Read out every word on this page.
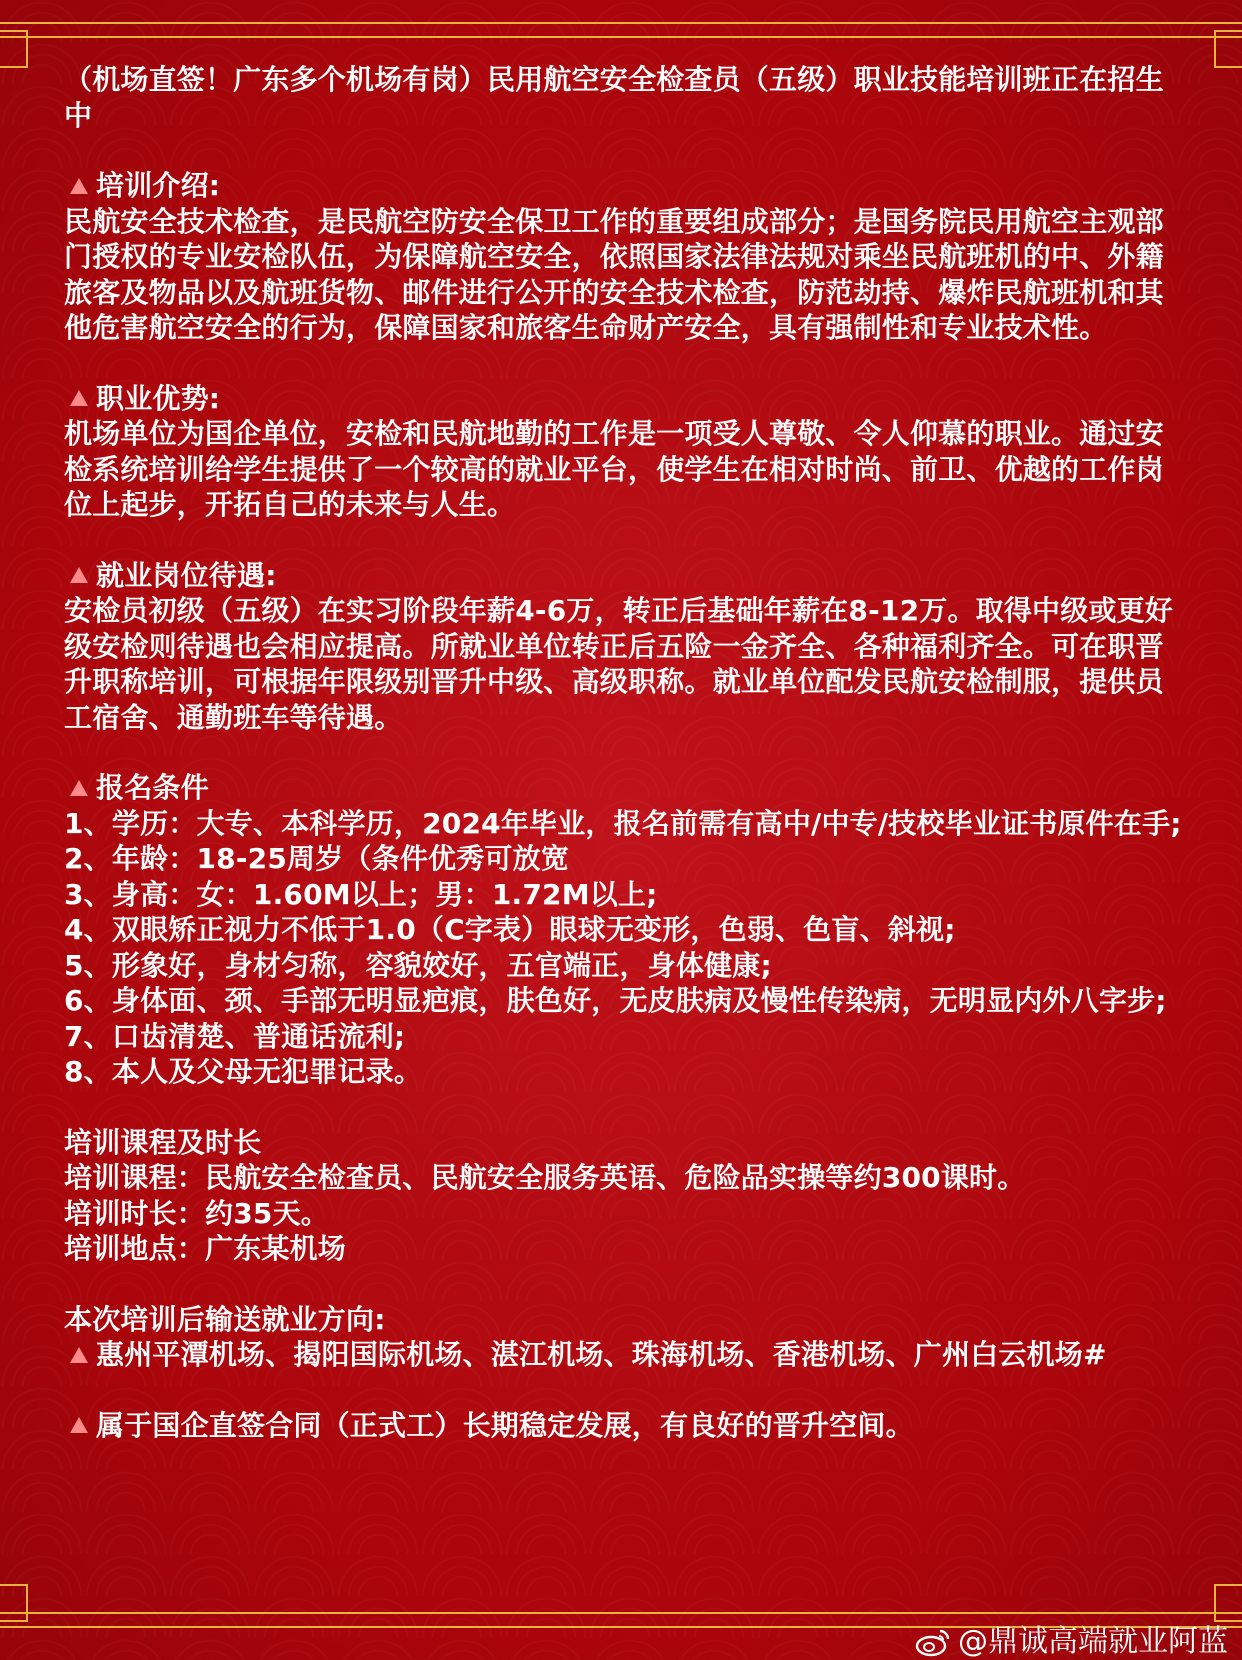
（机场直签！广东多个机场有岗）民用航空安全检查员（五级）职业技能培训班正在招生中

培训介绍:

民航安全技术检查，是民航空防安全保卫工作的重要组成部分；是国务院民用航空主观部门授权的专业安检队伍，为保障航空安全，依照国家法律法规对乘坐民航班机的中、外籍旅客及物品以及航班货物、邮件进行公开的安全技术检查，防范劫持、爆炸民航班机和其他危害航空安全的行为，保障国家和旅客生命财产安全，具有强制性和专业技术性。

职业优势:

机场单位为国企单位，安检和民航地勤的工作是一项受人尊敬、令人仰慕的职业。通过安检系统培训给学生提供了一个较高的就业平台，使学生在相对时尚、前卫、优越的工作岗位上起步，开拓自己的未来与人生。

就业岗位待遇:

安检员初级（五级）在实习阶段年薪4-6万，转正后基础年薪在8-12万。取得中级或更好级安检则待遇也会相应提高。所就业单位转正后五险一金齐全、各种福利齐全。可在职晋升职称培训，可根据年限级别晋升中级、高级职称。就业单位配发民航安检制服，提供员工宿舍、通勤班车等待遇。

报名条件

1、学历：大专、本科学历，2024年毕业，报名前需有高中/中专/技校毕业证书原件在手;

2、年龄：18-25周岁（条件优秀可放宽

3、身高：女：1.60M以上；男：1.72M以上;

4、双眼矫正视力不低于1.0（C字表）眼球无变形，色弱、色盲、斜视;

5、形象好，身材匀称，容貌姣好，五官端正，身体健康;

6、身体面、颈、手部无明显疤痕，肤色好，无皮肤病及慢性传染病，无明显内外八字步;

7、口齿清楚、普通话流利;

8、本人及父母无犯罪记录。

培训课程及时长

培训课程：民航安全检查员、民航安全服务英语、危险品实操等约300课时。

培训时长：约35天。

培训地点：广东某机场

本次培训后输送就业方向:

惠州平潭机场、揭阳国际机场、湛江机场、珠海机场、香港机场、广州白云机场#

属于国企直签合同（正式工）长期稳定发展，有良好的晋升空间。

@鼎诚高端就业阿蓝
